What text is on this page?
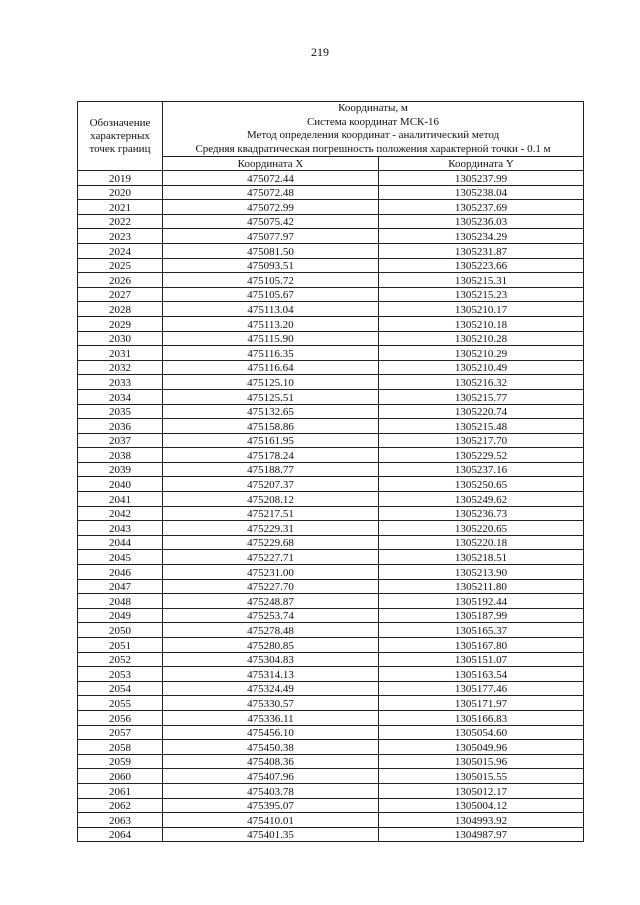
219
Обозначение
характерных
точек границ	Координаты, м
Система координат МСК-16
Метод определения координат - аналитический метод
Средняя квадратическая погрешность положения характерной точки - 0.1 м	

	Координата X	Координата Y
2019	475072.44	1305237.99
2020	475072.48	1305238.04
2021	475072.99	1305237.69
2022	475075.42	1305236.03
2023	475077.97	1305234.29
2024	475081.50	1305231.87
2025	475093.51	1305223.66
2026	475105.72	1305215.31
2027	475105.67	1305215.23
2028	475113.04	1305210.17
2029	475113.20	1305210.18
2030	475115.90	1305210.28
2031	475116.35	1305210.29
2032	475116.64	1305210.49
2033	475125.10	1305216.32
2034	475125.51	1305215.77
2035	475132.65	1305220.74
2036	475158.86	1305215.48
2037	475161.95	1305217.70
2038	475178.24	1305229.52
2039	475188.77	1305237.16
2040	475207.37	1305250.65
2041	475208.12	1305249.62
2042	475217.51	1305236.73
2043	475229.31	1305220.65
2044	475229.68	1305220.18
2045	475227.71	1305218.51
2046	475231.00	1305213.90
2047	475227.70	1305211.80
2048	475248.87	1305192.44
2049	475253.74	1305187.99
2050	475278.48	1305165.37
2051	475280.85	1305167.80
2052	475304.83	1305151.07
2053	475314.13	1305163.54
2054	475324.49	1305177.46
2055	475330.57	1305171.97
2056	475336.11	1305166.83
2057	475456.10	1305054.60
2058	475450.38	1305049.96
2059	475408.36	1305015.96
2060	475407.96	1305015.55
2061	475403.78	1305012.17
2062	475395.07	1305004.12
2063	475410.01	1304993.92
2064	475401.35	1304987.97
